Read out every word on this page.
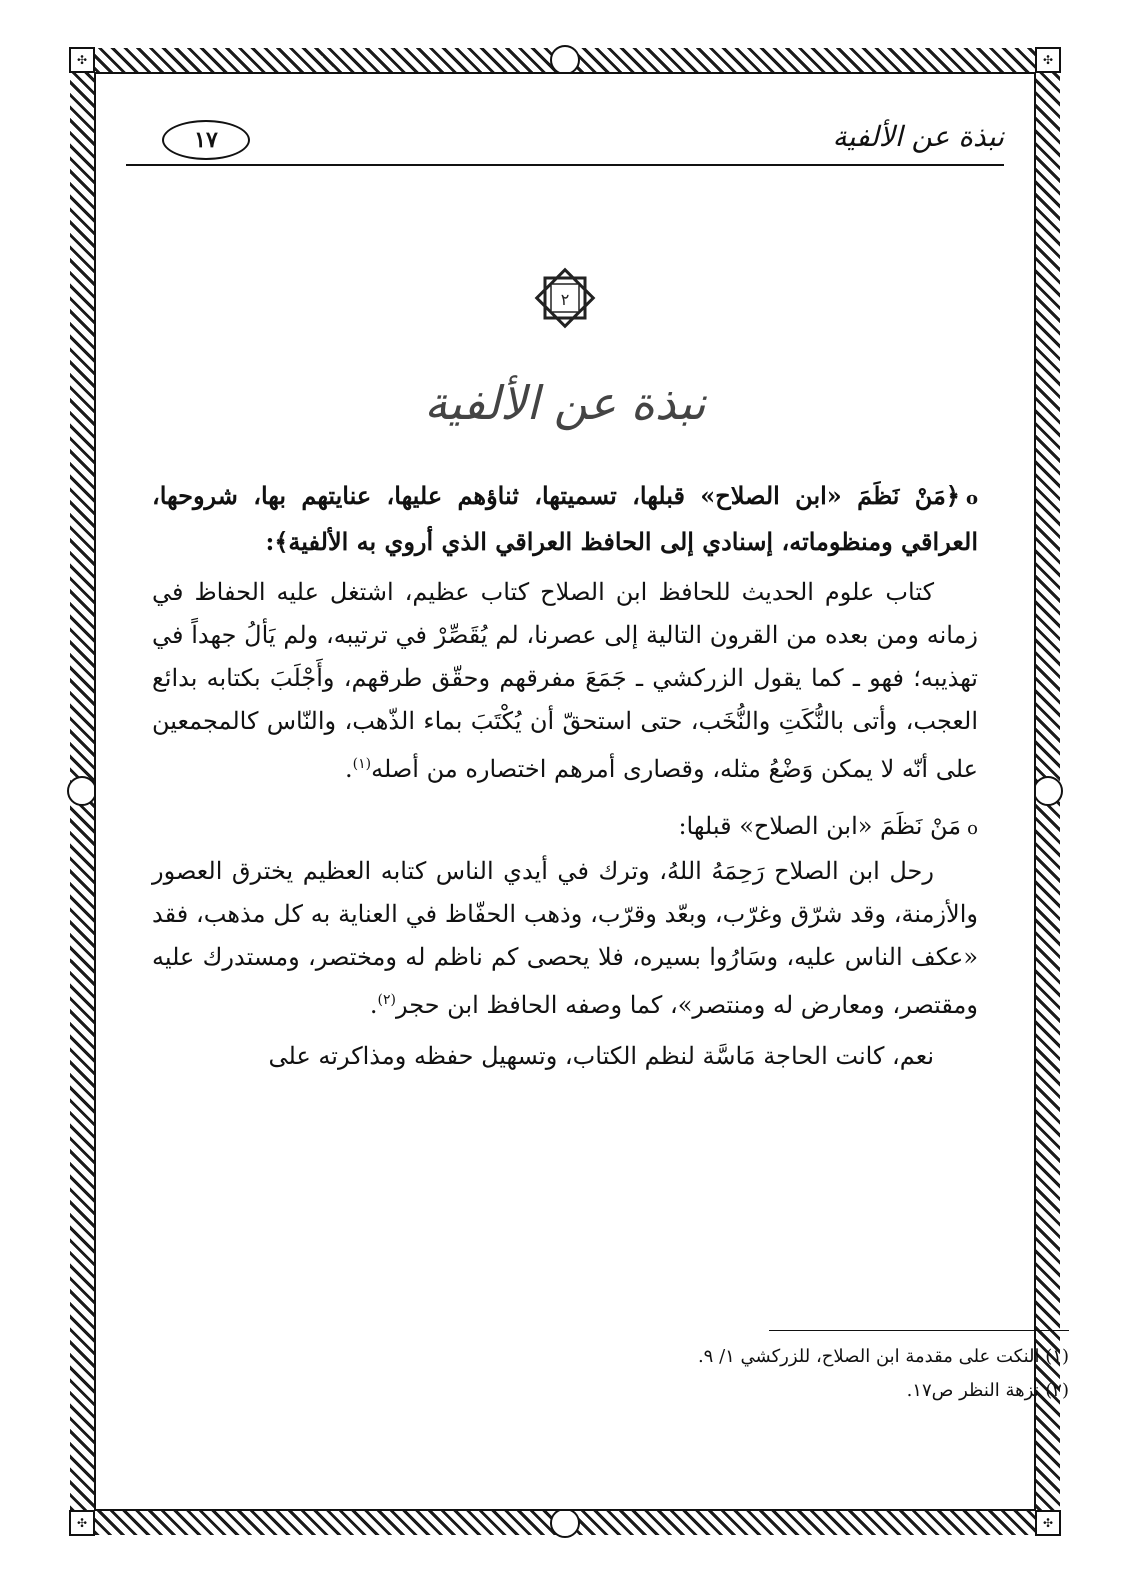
✣	✣
✣	✣
نبذة عن الألفية
١٧
٢
نبذة عن الألفية

o﴿مَنْ نَظَمَ «ابن الصلاح» قبلها، تسميتها، ثناؤهم عليها، عنايتهم بها، شروحها، العراقي ومنظوماته، إسنادي إلى الحافظ العراقي الذي أروي به الألفية﴾:

كتاب علوم الحديث للحافظ ابن الصلاح كتاب عظيم، اشتغل عليه الحفاظ في زمانه ومن بعده من القرون التالية إلى عصرنا، لم يُقَصِّرْ في ترتيبه، ولم يَألُ جهداً في تهذيبه؛ فهو ـ كما يقول الزركشي ـ جَمَعَ مفرقهم وحقّق طرقهم، وأَجْلَبَ بكتابه بدائع العجب، وأتى بالنُّكَتِ والنُّخَب، حتى استحقّ أن يُكْتَبَ بماء الذّهب، والنّاس كالمجمعين على أنّه لا يمكن وَضْعُ مثله، وقصارى أمرهم اختصاره من أصله$^{(١)}$.

oمَنْ نَظَمَ «ابن الصلاح» قبلها:

رحل ابن الصلاح رَحِمَهُ اللهُ، وترك في أيدي الناس كتابه العظيم يخترق العصور والأزمنة، وقد شرّق وغرّب، وبعّد وقرّب، وذهب الحفّاظ في العناية به كل مذهب، فقد «عكف الناس عليه، وسَارُوا بسيره، فلا يحصى كم ناظم له ومختصر، ومستدرك عليه ومقتصر، ومعارض له ومنتصر»، كما وصفه الحافظ ابن حجر$^{(٢)}$.

نعم، كانت الحاجة مَاسَّة لنظم الكتاب، وتسهيل حفظه ومذاكرته على

(١) النكت على مقدمة ابن الصلاح، للزركشي ١/ ٩.

(٢) نزهة النظر ص١٧.
